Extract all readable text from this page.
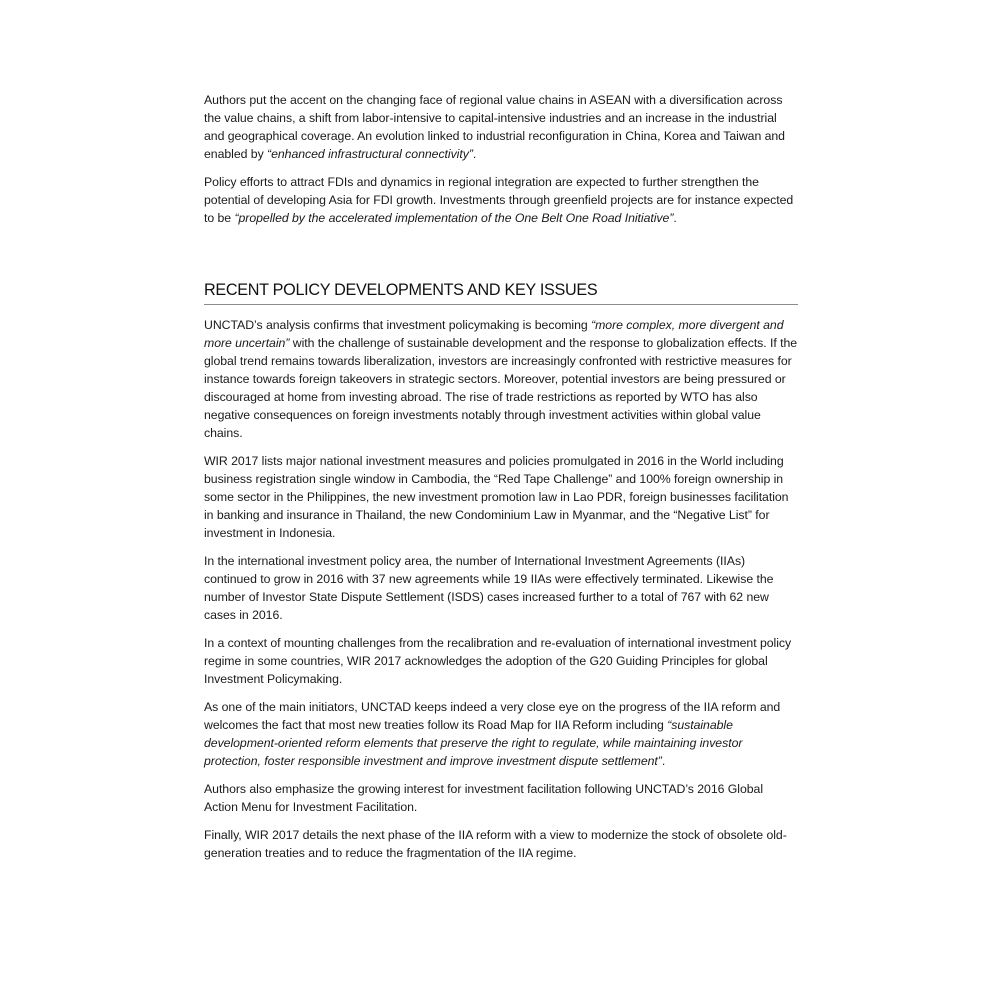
Authors put the accent on the changing face of regional value chains in ASEAN with a diversification across the value chains, a shift from labor-intensive to capital-intensive industries and an increase in the industrial and geographical coverage. An evolution linked to industrial reconfiguration in China, Korea and Taiwan and enabled by “enhanced infrastructural connectivity”.

Policy efforts to attract FDIs and dynamics in regional integration are expected to further strengthen the potential of developing Asia for FDI growth. Investments through greenfield projects are for instance expected to be “propelled by the accelerated implementation of the One Belt One Road Initiative”.

RECENT POLICY DEVELOPMENTS AND KEY ISSUES

UNCTAD’s analysis confirms that investment policymaking is becoming “more complex, more divergent and more uncertain” with the challenge of sustainable development and the response to globalization effects. If the global trend remains towards liberalization, investors are increasingly confronted with restrictive measures for instance towards foreign takeovers in strategic sectors. Moreover, potential investors are being pressured or discouraged at home from investing abroad. The rise of trade restrictions as reported by WTO has also negative consequences on foreign investments notably through investment activities within global value chains.

WIR 2017 lists major national investment measures and policies promulgated in 2016 in the World including business registration single window in Cambodia, the “Red Tape Challenge” and 100% foreign ownership in some sector in the Philippines, the new investment promotion law in Lao PDR, foreign businesses facilitation in banking and insurance in Thailand, the new Condominium Law in Myanmar, and the “Negative List” for investment in Indonesia.

In the international investment policy area, the number of International Investment Agreements (IIAs) continued to grow in 2016 with 37 new agreements while 19 IIAs were effectively terminated. Likewise the number of Investor State Dispute Settlement (ISDS) cases increased further to a total of 767 with 62 new cases in 2016.

In a context of mounting challenges from the recalibration and re-evaluation of international investment policy regime in some countries, WIR 2017 acknowledges the adoption of the G20 Guiding Principles for global Investment Policymaking.

As one of the main initiators, UNCTAD keeps indeed a very close eye on the progress of the IIA reform and welcomes the fact that most new treaties follow its Road Map for IIA Reform including “sustainable development-oriented reform elements that preserve the right to regulate, while maintaining investor protection, foster responsible investment and improve investment dispute settlement”.

Authors also emphasize the growing interest for investment facilitation following UNCTAD’s 2016 Global Action Menu for Investment Facilitation.

Finally, WIR 2017 details the next phase of the IIA reform with a view to modernize the stock of obsolete old-generation treaties and to reduce the fragmentation of the IIA regime.
